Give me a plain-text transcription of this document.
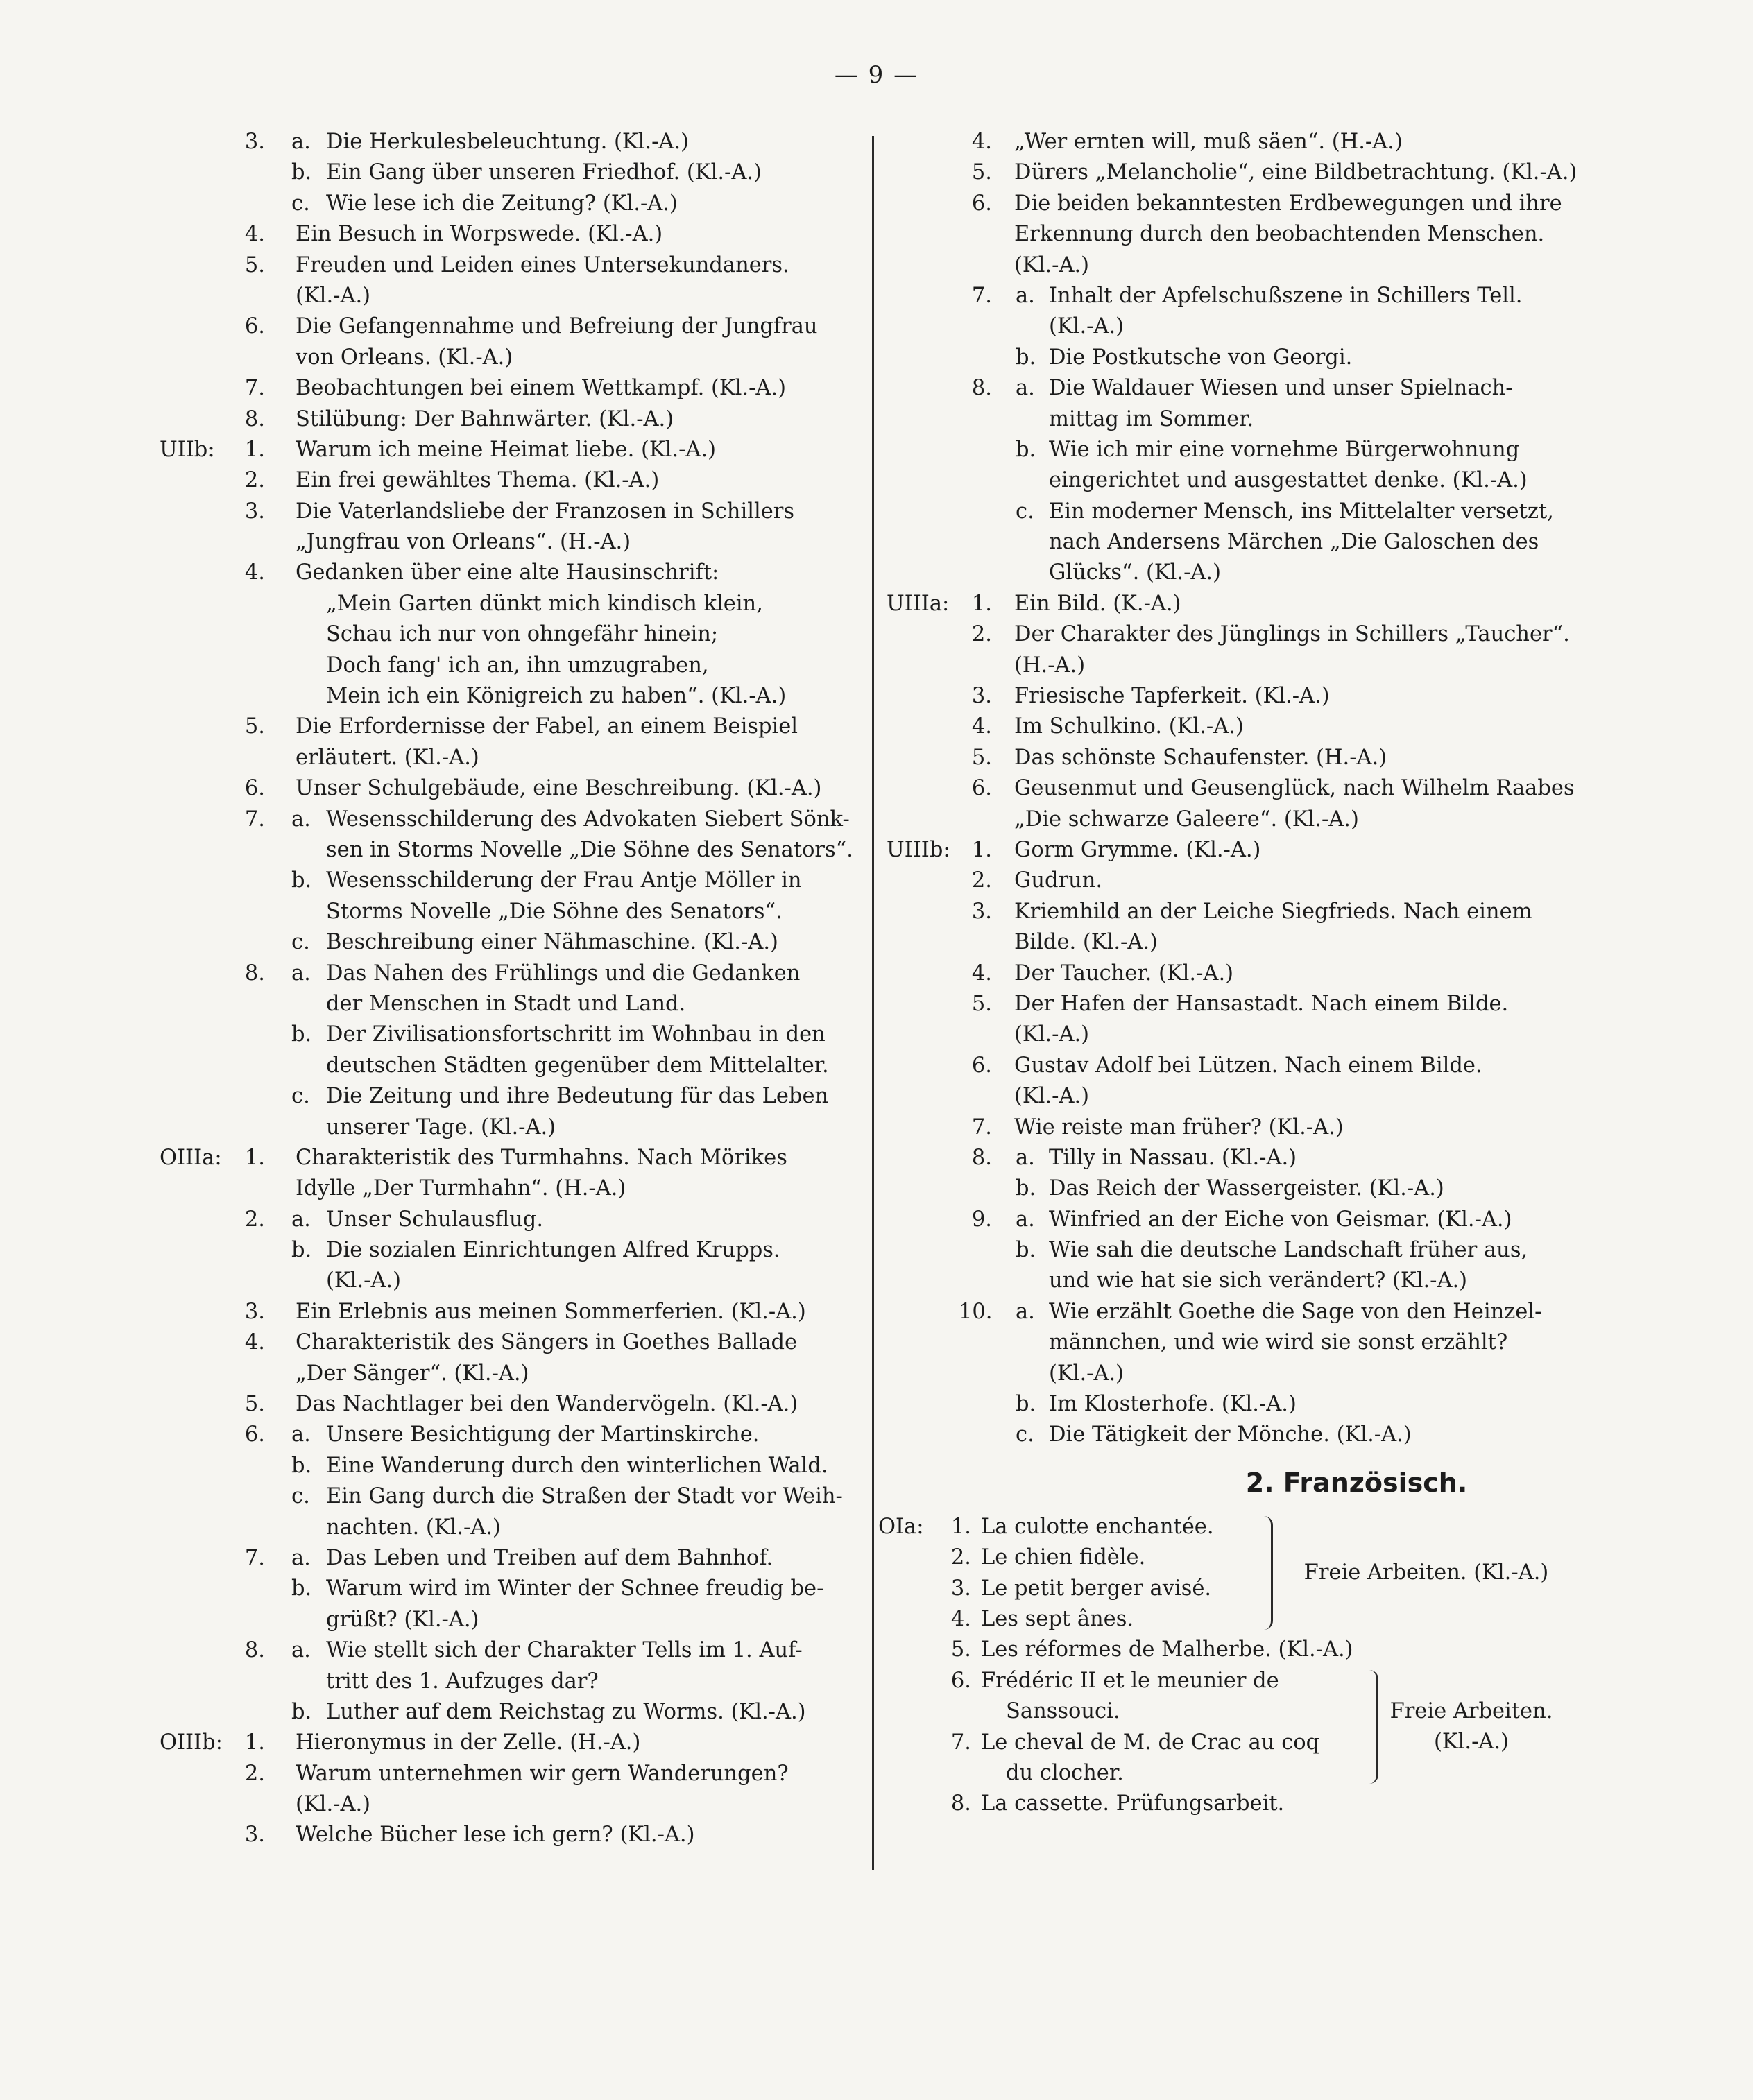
— 9 —
3. a. Die Herkulesbeleuchtung. (Kl.-A.)
b. Ein Gang über unseren Friedhof. (Kl.-A.)
c. Wie lese ich die Zeitung? (Kl.-A.)
4. Ein Besuch in Worpswede. (Kl.-A.)
5. Freuden und Leiden eines Untersekundaners.
(Kl.-A.)
6. Die Gefangennahme und Befreiung der Jungfrau
von Orleans. (Kl.-A.)
7. Beobachtungen bei einem Wettkampf. (Kl.-A.)
8. Stilübung: Der Bahnwärter. (Kl.-A.)
UIIb:	1. Warum ich meine Heimat liebe. (Kl.-A.)
2. Ein frei gewähltes Thema. (Kl.-A.)
3. Die Vaterlandsliebe der Franzosen in Schillers
„Jungfrau von Orleans“. (H.-A.)
4. Gedanken über eine alte Hausinschrift:
„Mein Garten dünkt mich kindisch klein,
Schau ich nur von ohngefähr hinein;
Doch fang' ich an, ihn umzugraben,
Mein ich ein Königreich zu haben“. (Kl.-A.)
5. Die Erfordernisse der Fabel, an einem Beispiel
erläutert. (Kl.-A.)
6. Unser Schulgebäude, eine Beschreibung. (Kl.-A.)
7. a. Wesensschilderung des Advokaten Siebert Sönk-
sen in Storms Novelle „Die Söhne des Senators“.
b. Wesensschilderung der Frau Antje Möller in
Storms Novelle „Die Söhne des Senators“.
c. Beschreibung einer Nähmaschine. (Kl.-A.)
8. a. Das Nahen des Frühlings und die Gedanken
der Menschen in Stadt und Land.
b. Der Zivilisationsfortschritt im Wohnbau in den
deutschen Städten gegenüber dem Mittelalter.
c. Die Zeitung und ihre Bedeutung für das Leben
unserer Tage. (Kl.-A.)
OIIIa:	1. Charakteristik des Turmhahns. Nach Mörikes
Idylle „Der Turmhahn“. (H.-A.)
2. a. Unser Schulausflug.
b. Die sozialen Einrichtungen Alfred Krupps.
(Kl.-A.)
3. Ein Erlebnis aus meinen Sommerferien. (Kl.-A.)
4. Charakteristik des Sängers in Goethes Ballade
„Der Sänger“. (Kl.-A.)
5. Das Nachtlager bei den Wandervögeln. (Kl.-A.)
6. a. Unsere Besichtigung der Martinskirche.
b. Eine Wanderung durch den winterlichen Wald.
c. Ein Gang durch die Straßen der Stadt vor Weih-
nachten. (Kl.-A.)
7. a. Das Leben und Treiben auf dem Bahnhof.
b. Warum wird im Winter der Schnee freudig be-
grüßt? (Kl.-A.)
8. a. Wie stellt sich der Charakter Tells im 1. Auf-
tritt des 1. Aufzuges dar?
b. Luther auf dem Reichstag zu Worms. (Kl.-A.)
OIIIb:	1. Hieronymus in der Zelle. (H.-A.)
2. Warum unternehmen wir gern Wanderungen?
(Kl.-A.)
3. Welche Bücher lese ich gern? (Kl.-A.)
4. „Wer ernten will, muß säen“. (H.-A.)
5. Dürers „Melancholie“, eine Bildbetrachtung. (Kl.-A.)
6. Die beiden bekanntesten Erdbewegungen und ihre
Erkennung durch den beobachtenden Menschen.
(Kl.-A.)
7. a. Inhalt der Apfelschußszene in Schillers Tell.
(Kl.-A.)
b. Die Postkutsche von Georgi.
8. a. Die Waldauer Wiesen und unser Spielnach-
mittag im Sommer.
b. Wie ich mir eine vornehme Bürgerwohnung
eingerichtet und ausgestattet denke. (Kl.-A.)
c. Ein moderner Mensch, ins Mittelalter versetzt,
nach Andersens Märchen „Die Galoschen des
Glücks“. (Kl.-A.)
UIIIa:	1. Ein Bild. (K.-A.)
2. Der Charakter des Jünglings in Schillers „Taucher“.
(H.-A.)
3. Friesische Tapferkeit. (Kl.-A.)
4. Im Schulkino. (Kl.-A.)
5. Das schönste Schaufenster. (H.-A.)
6. Geusenmut und Geusenglück, nach Wilhelm Raabes
„Die schwarze Galeere“. (Kl.-A.)
UIIIb:	1. Gorm Grymme. (Kl.-A.)
2. Gudrun.
3. Kriemhild an der Leiche Siegfrieds. Nach einem
Bilde. (Kl.-A.)
4. Der Taucher. (Kl.-A.)
5. Der Hafen der Hansastadt. Nach einem Bilde.
(Kl.-A.)
6. Gustav Adolf bei Lützen. Nach einem Bilde.
(Kl.-A.)
7. Wie reiste man früher? (Kl.-A.)
8. a. Tilly in Nassau. (Kl.-A.)
b. Das Reich der Wassergeister. (Kl.-A.)
9. a. Winfried an der Eiche von Geismar. (Kl.-A.)
b. Wie sah die deutsche Landschaft früher aus,
und wie hat sie sich verändert? (Kl.-A.)
10. a. Wie erzählt Goethe die Sage von den Heinzel-
männchen, und wie wird sie sonst erzählt?
(Kl.-A.)
b. Im Klosterhofe. (Kl.-A.)
c. Die Tätigkeit der Mönche. (Kl.-A.)
2. Französisch.
OIa:	1. La culotte enchantée.
2. Le chien fidèle.
3. Le petit berger avisé.
4. Les sept ânes.
Freie Arbeiten. (Kl.-A.)
5. Les réformes de Malherbe. (Kl.-A.)
6. Frédéric II et le meunier de
Sanssouci.
7. Le cheval de M. de Crac au coq
du clocher.
Freie Arbeiten.
(Kl.-A.)
8. La cassette. Prüfungsarbeit.
